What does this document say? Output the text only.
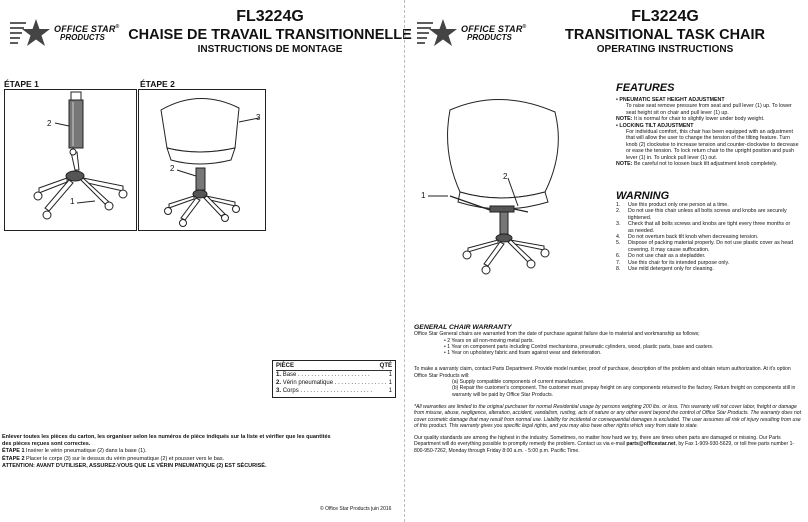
OFFICE STAR®
PRODUCTS
FL3224G
CHAISE DE TRAVAIL TRANSITIONNELLE
INSTRUCTIONS DE MONTAGE
ÉTAPE 1	ÉTAPE 2
2
1
3
2
PIÈCE	QTÉ
1. Base . . . . . . . . . . . . . . . . . . . . . .	1
2. Vérin pneumatique . . . . . . . . . . . . . . . . 1
3. Corps . . . . . . . . . . . . . . . . . . . . . .	1
Enlever toutes les pièces du carton, les organiser selon les numéros de pièce indiqués sur la liste et vérifier que les quantités des pièces reçues sont correctes.
ÉTAPE 1 Insérer le vérin pneumatique (2) dans la base (1).
ÉTAPE 2 Placer le corps (3) sur le dessus du vérin pneumatique (2) et pousser vers le bas.
ATTENTION: AVANT D'UTILISER, ASSUREZ-VOUS QUE LE VÉRIN PNEUMATIQUE (2) EST SÉCURISÉ.
© Office Star Products juin 2016
OFFICE STAR®
PRODUCTS
FL3224G
TRANSITIONAL TASK CHAIR
OPERATING INSTRUCTIONS
1
2
FEATURES
• PNEUMATIC SEAT HEIGHT ADJUSTMENT
To raise seat remove pressure from seat and pull lever (1) up. To lower seat height sit on chair and pull lever (1) up.
NOTE: It is normal for chair to slightly lower under body weight.
• LOCKING TILT ADJUSTMENT
For individual comfort, this chair has been equipped with an adjustment that will allow the user to change the tension of the tilting feature. Turn knob (2) clockwise to increase tension and counter-clockwise to decrease or ease the tension. To lock return chair to the upright position and push lever (1) in. To unlock pull lever (1) out.
NOTE: Be careful not to loosen back tilt adjustment knob completely.
WARNING
1.	Use this product only one person at a time.
2.	Do not use this chair unless all bolts screws and knobs are securely tightened.
3.	Check that all bolts screws and knobs are tight every three months or as needed.
4.	Do not overturn back tilt knob when decreasing tension.
5.	Dispose of packing material properly. Do not use plastic cover as head covering. It may cause suffocation.
6.	Do not use chair as a stepladder.
7.	Use this chair for its intended purpose only.
8.	Use mild detergent only for cleaning.
GENERAL CHAIR WARRANTY
Office Star General chairs are warranted from the date of purchase against failure due to material and workmanship as follows;
• 2 Years on all non-moving metal parts.
• 1 Year on component parts including Control mechanisms, pneumatic cylinders, wood, plastic parts, base and casters.
• 1 Year on upholstery fabric and foam against wear and deterioration.
To make a warranty claim, contact Parts Department. Provide model number, proof of purchase, description of the problem and obtain return authorization. At it's option Office Star Products will:
(a) Supply compatible components of current manufacture.
(b) Repair the customer's component. The customer must prepay freight on any components returned to the factory. Return freight on components still in warranty will be paid by Office Star Products.
*All warranties are limited to the original purchaser for normal Residential usage by persons weighing 200 lbs. or less. This warranty will not cover labor, freight or damage from misuse, abuse, negligence, alteration, accident, vandalism, rusting, acts of nature or any other event beyond the control of Office Star Products. The warranty does not cover cosmetic damage that may result from normal use. Liability for incidental or consequential damages is excluded. The user assumes all risk of injury resulting from use of this product. This warranty gives you specific legal rights, and you may also have other rights which vary from state to state.
Our quality standards are among the highest in the industry. Sometimes, no matter how hard we try, there are times when parts are damaged or missing. Our Parts Department will do everything possible to promptly remedy the problem. Contact us via e-mail parts@officestar.net, by Fax 1-909-930-5629, or toll free parts number 1-800-950-7262, Monday through Friday 8:00 a.m. - 5:00 p.m. Pacific Time.
